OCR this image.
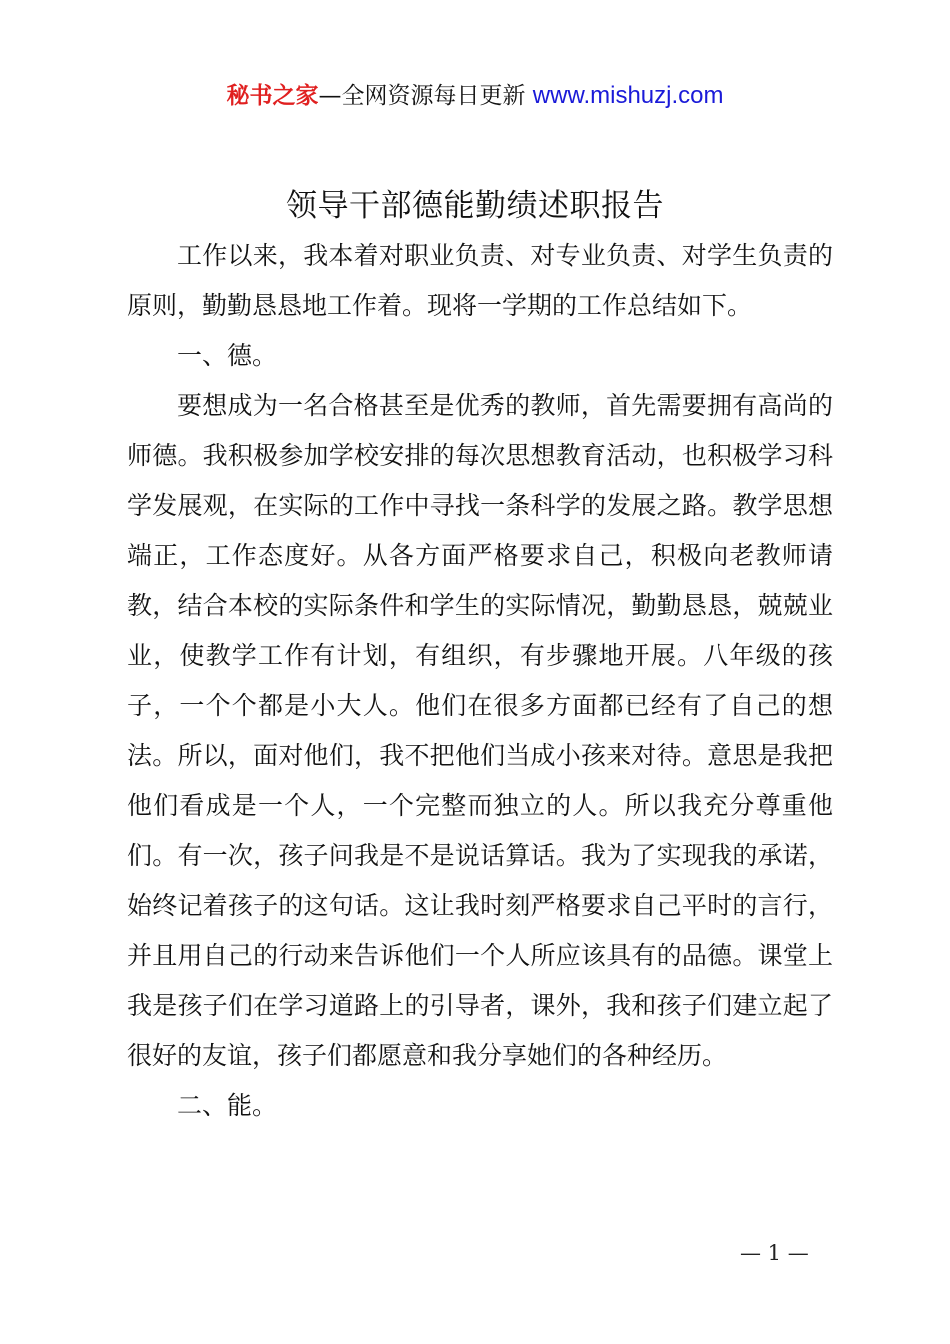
秘书之家—全网资源每日更新 www.mishuzj.com
领导干部德能勤绩述职报告

工作以来，我本着对职业负责、对专业负责、对学生负责的原则，勤勤恳恳地工作着。现将一学期的工作总结如下。

一、德。

要想成为一名合格甚至是优秀的教师，首先需要拥有高尚的师德。我积极参加学校安排的每次思想教育活动，也积极学习科学发展观，在实际的工作中寻找一条科学的发展之路。教学思想端正，工作态度好。从各方面严格要求自己，积极向老教师请教，结合本校的实际条件和学生的实际情况，勤勤恳恳，兢兢业业，使教学工作有计划，有组织，有步骤地开展。八年级的孩子，一个个都是小大人。他们在很多方面都已经有了自己的想法。所以，面对他们，我不把他们当成小孩来对待。意思是我把他们看成是一个人，一个完整而独立的人。所以我充分尊重他们。有一次，孩子问我是不是说话算话。我为了实现我的承诺，始终记着孩子的这句话。这让我时刻严格要求自己平时的言行，并且用自己的行动来告诉他们一个人所应该具有的品德。课堂上我是孩子们在学习道路上的引导者，课外，我和孩子们建立起了很好的友谊，孩子们都愿意和我分享她们的各种经历。

二、能。

— 1 —
